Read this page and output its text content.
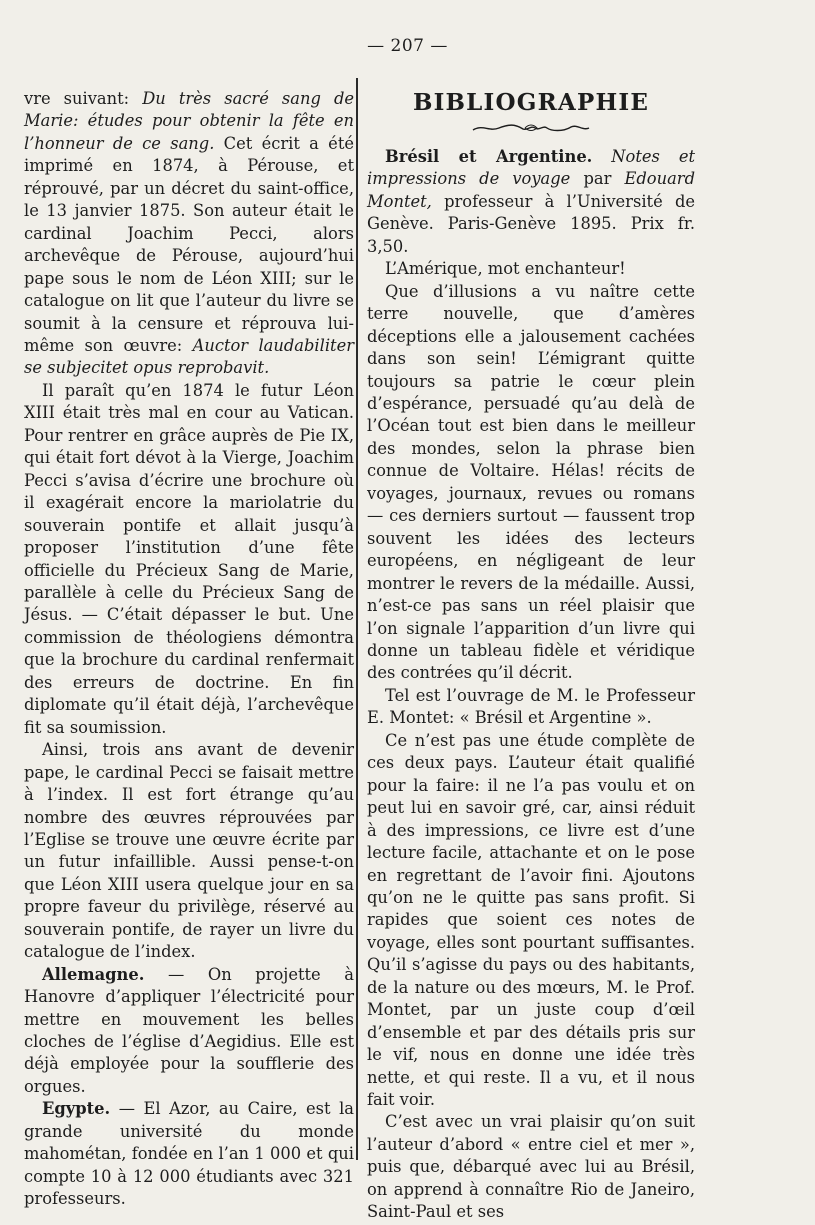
— 207 —

vre suivant: Du très sacré sang de Marie: études pour obtenir la fête en l’honneur de ce sang. Cet écrit a été imprimé en 1874, à Pérouse, et réprouvé, par un décret du saint-office, le 13 janvier 1875. Son auteur était le cardinal Joachim Pecci, alors archevêque de Pérouse, aujourd’hui pape sous le nom de Léon XIII; sur le catalogue on lit que l’auteur du livre se soumit à la censure et réprouva lui-même son œuvre: Auctor laudabiliter se subjecitet opus reprobavit.

Il paraît qu’en 1874 le futur Léon XIII était très mal en cour au Vatican. Pour rentrer en grâce auprès de Pie IX, qui était fort dévot à la Vierge, Joachim Pecci s’avisa d’écrire une brochure où il exagérait encore la mariolatrie du souverain pontife et allait jusqu’à proposer l’institution d’une fête officielle du Précieux Sang de Marie, parallèle à celle du Précieux Sang de Jésus. — C’était dépasser le but. Une commission de théologiens démontra que la brochure du cardinal renfermait des erreurs de doctrine. En fin diplomate qu’il était déjà, l’archevêque fit sa soumission.

Ainsi, trois ans avant de devenir pape, le cardinal Pecci se faisait mettre à l’index. Il est fort étrange qu’au nombre des œuvres réprouvées par l’Eglise se trouve une œuvre écrite par un futur infaillible. Aussi pense-t-on que Léon XIII usera quelque jour en sa propre faveur du privilège, réservé au souverain pontife, de rayer un livre du catalogue de l’index.

Allemagne. — On projette à Hanovre d’appliquer l’électricité pour mettre en mouvement les belles cloches de l’église d’Aegidius. Elle est déjà employée pour la soufflerie des orgues.

Egypte. — El Azor, au Caire, est la grande université du monde mahométan, fondée en l’an 1 000 et qui compte 10 à 12 000 étudiants avec 321 professeurs.

BIBLIOGRAPHIE

Brésil et Argentine. Notes et impressions de voyage par Edouard Montet, professeur à l’Université de Genève. Paris-Genève 1895. Prix fr. 3,50.

L’Amérique, mot enchanteur!

Que d’illusions a vu naître cette terre nouvelle, que d’amères déceptions elle a jalousement cachées dans son sein! L’émigrant quitte toujours sa patrie le cœur plein d’espérance, persuadé qu’au delà de l’Océan tout est bien dans le meilleur des mondes, selon la phrase bien connue de Voltaire. Hélas! récits de voyages, journaux, revues ou romans — ces derniers surtout — faussent trop souvent les idées des lecteurs européens, en négligeant de leur montrer le revers de la médaille. Aussi, n’est-ce pas sans un réel plaisir que l’on signale l’apparition d’un livre qui donne un tableau fidèle et véridique des contrées qu’il décrit.

Tel est l’ouvrage de M. le Professeur E. Montet: « Brésil et Argentine ».

Ce n’est pas une étude complète de ces deux pays. L’auteur était qualifié pour la faire: il ne l’a pas voulu et on peut lui en savoir gré, car, ainsi réduit à des impressions, ce livre est d’une lecture facile, attachante et on le pose en regrettant de l’avoir fini. Ajoutons qu’on ne le quitte pas sans profit. Si rapides que soient ces notes de voyage, elles sont pourtant suffisantes. Qu’il s’agisse du pays ou des habitants, de la nature ou des mœurs, M. le Prof. Montet, par un juste coup d’œil d’ensemble et par des détails pris sur le vif, nous en donne une idée très nette, et qui reste. Il a vu, et il nous fait voir.

C’est avec un vrai plaisir qu’on suit l’auteur d’abord « entre ciel et mer », puis que, débarqué avec lui au Brésil, on apprend à connaître Rio de Janeiro, Saint-Paul et ses
